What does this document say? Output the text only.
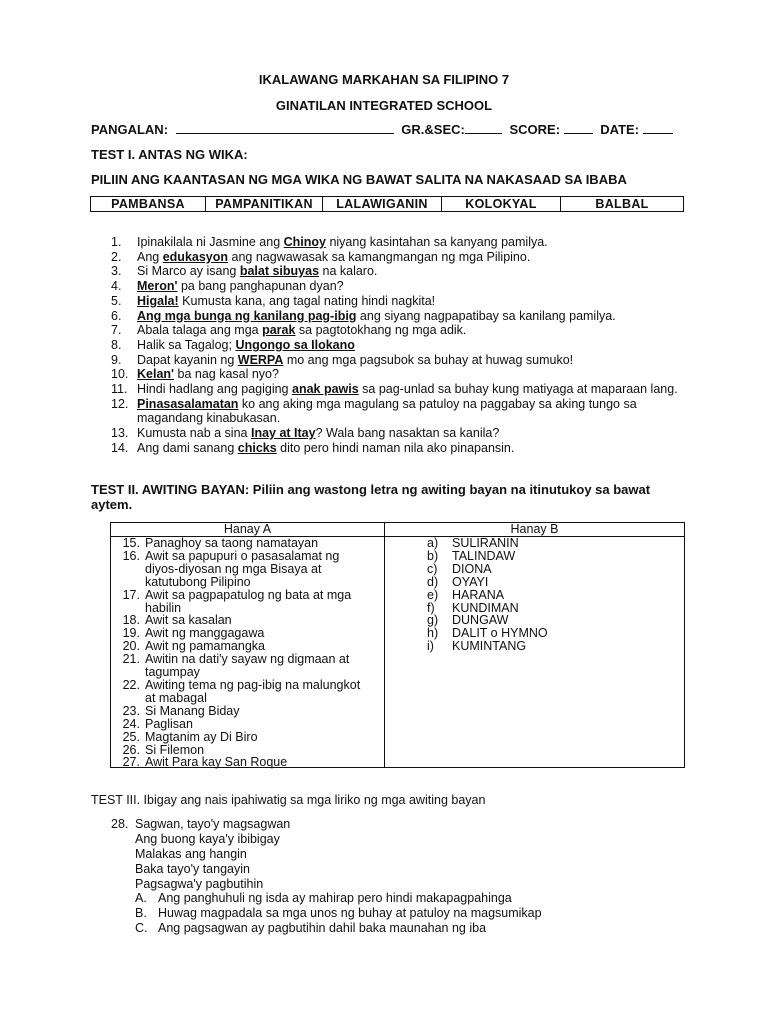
IKALAWANG MARKAHAN SA FILIPINO 7
GINATILAN INTEGRATED SCHOOL
PANGALAN:	GR.&SEC:	SCORE:	DATE:
TEST I. ANTAS NG WIKA:
PILIIN ANG KAANTASAN NG MGA WIKA NG BAWAT SALITA NA NAKASAAD SA IBABA
PAMBANSA	PAMPANITIKAN	LALAWIGANIN	KOLOKYAL	BALBAL
1.	Ipinakilala ni Jasmine ang Chinoy niyang kasintahan sa kanyang pamilya.
2.	Ang edukasyon ang nagwawasak sa kamangmangan ng mga Pilipino.
3.	Si Marco ay isang balat sibuyas na kalaro.
4.	Meron' pa bang panghapunan dyan?
5.	Higala! Kumusta kana, ang tagal nating hindi nagkita!
6.	Ang mga bunga ng kanilang pag-ibig ang siyang nagpapatibay sa kanilang pamilya.
7.	Abala talaga ang mga parak sa pagtotokhang ng mga adik.
8.	Halik sa Tagalog; Ungongo sa Ilokano
9.	Dapat kayanin ng WERPA mo ang mga pagsubok sa buhay at huwag sumuko!
10. Kelan' ba nag kasal nyo?
11. Hindi hadlang ang pagiging anak pawis sa pag-unlad sa buhay kung matiyaga at maparaan lang.
12. Pinasasalamatan ko ang aking mga magulang sa patuloy na paggabay sa aking tungo sa magandang kinabukasan.
13. Kumusta nab a sina Inay at Itay? Wala bang nasaktan sa kanila?
14. Ang dami sanang chicks dito pero hindi naman nila ako pinapansin.
TEST II. AWITING BAYAN: Piliin ang wastong letra ng awiting bayan na itinutukoy sa bawat aytem.
Hanay A	Hanay B
15. Panaghoy sa taong namatayan
16. Awit sa papupuri o pasasalamat ng diyos-diyosan ng mga Bisaya at katutubong Pilipino
17. Awit sa pagpapatulog ng bata at mga habilin
18. Awit sa kasalan
19. Awit ng manggagawa
20. Awit ng pamamangka
21. Awitin na dati'y sayaw ng digmaan at tagumpay
22. Awiting tema ng pag-ibig na malungkot at mabagal
23. Si Manang Biday
24. Paglisan
25. Magtanim ay Di Biro
26. Si Filemon
27. Awit Para kay San Roque
a)	SULIRANIN
b)	TALINDAW
c)	DIONA
d)	OYAYI
e)	HARANA
f)	KUNDIMAN
g)	DUNGAW
h)	DALIT o HYMNO
i)	KUMINTANG
TEST III. Ibigay ang nais ipahiwatig sa mga liriko ng mga awiting bayan
28. Sagwan, tayo'y magsagwan
Ang buong kaya'y ibibigay
Malakas ang hangin
Baka tayo'y tangayin
Pagsagwa'y pagbutihin
A. Ang panghuhuli ng isda ay mahirap pero hindi makapagpahinga
B. Huwag magpadala sa mga unos ng buhay at patuloy na magsumikap
C. Ang pagsagwan ay pagbutihin dahil baka maunahan ng iba
